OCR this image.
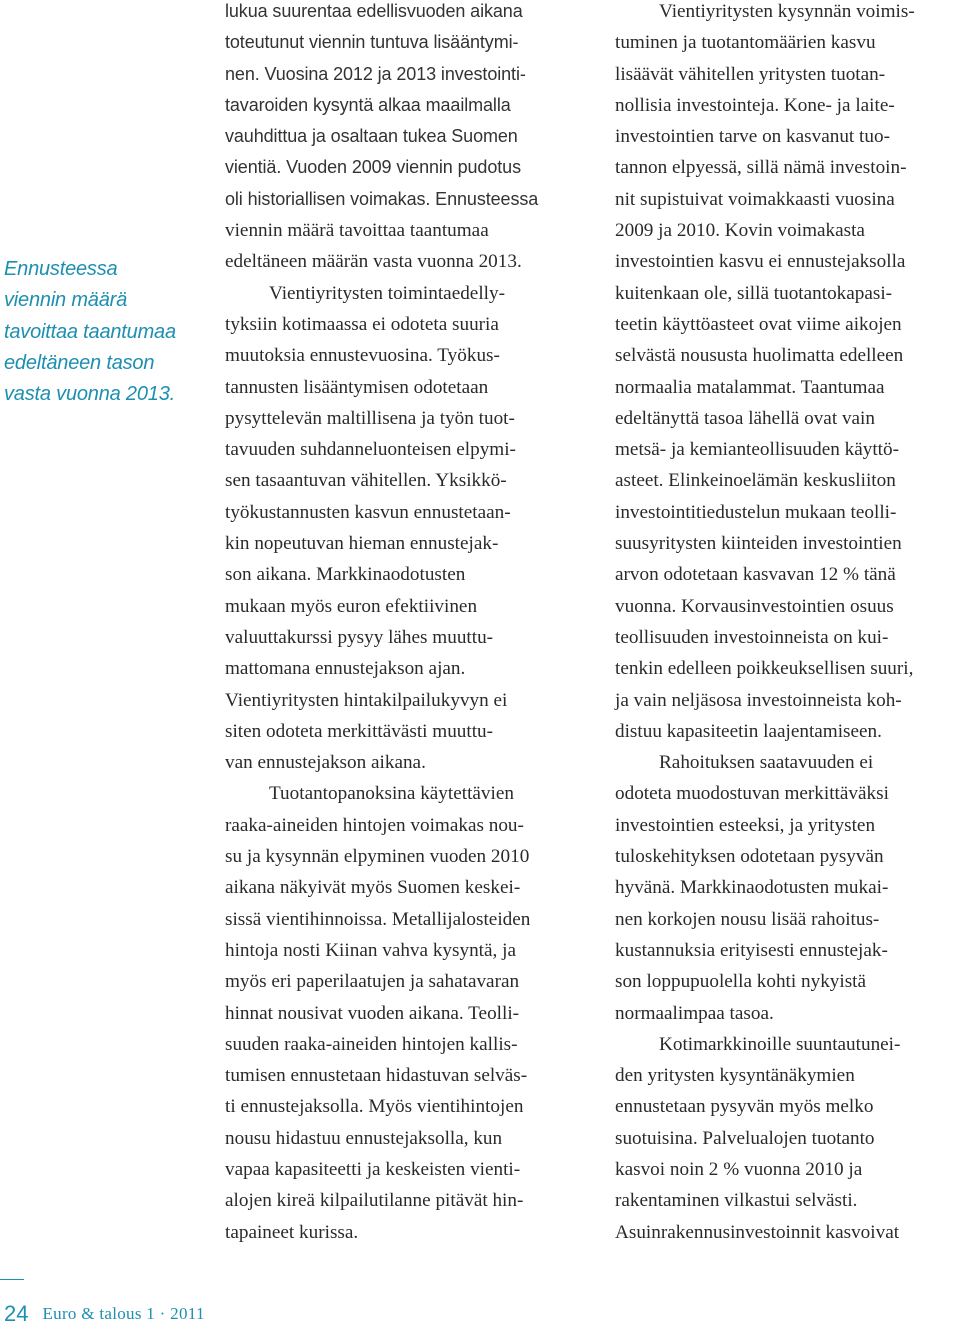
Ennusteessa
viennin määrä
tavoittaa taantumaa
edeltäneen tason
vasta vuonna 2013.
lukua suurentaa edellisvuoden aikana
toteutunut viennin tuntuva lisääntymi-
nen. Vuosina 2012 ja 2013 investointi-
tavaroiden kysyntä alkaa maailmalla
vauhdittua ja osaltaan tukea Suomen
vientiä. Vuoden 2009 viennin pudotus
oli historiallisen voimakas. Ennusteessa
viennin määrä tavoittaa taantumaa
edeltäneen määrän vasta vuonna 2013.
Vientiyritysten toimintaedelly-
tyksiin kotimaassa ei odoteta suuria
muutoksia ennustevuosina. Työkus-
tannusten lisääntymisen odotetaan
pysyttelevän maltillisena ja työn tuot-
tavuuden suhdanneluonteisen elpymi-
sen tasaantuvan vähitellen. Yksikkö-
työkustannusten kasvun ennustetaan-
kin nopeutuvan hieman ennustejak-
son aikana. Markkinaodotusten
mukaan myös euron efektiivinen
valuuttakurssi pysyy lähes muuttu-
mattomana ennustejakson ajan.
Vientiyritysten hintakilpailukyvyn ei
siten odoteta merkittävästi muuttu-
van ennustejakson aikana.
Tuotantopanoksina käytettävien
raaka-aineiden hintojen voimakas nou-
su ja kysynnän elpyminen vuoden 2010
aikana näkyivät myös Suomen keskei-
sissä vientihinnoissa. Metallijalosteiden
hintoja nosti Kiinan vahva kysyntä, ja
myös eri paperilaatujen ja sahatavaran
hinnat nousivat vuoden aikana. Teolli-
suuden raaka-aineiden hintojen kallis-
tumisen ennustetaan hidastuvan selväs-
ti ennustejaksolla. Myös vientihintojen
nousu hidastuu ennustejaksolla, kun
vapaa kapasiteetti ja keskeisten vienti-
alojen kireä kilpailutilanne pitävät hin-
tapaineet kurissa.
Vientiyritysten kysynnän voimis-
tuminen ja tuotantomäärien kasvu
lisäävät vähitellen yritysten tuotan-
nollisia investointeja. Kone- ja laite-
investointien tarve on kasvanut tuo-
tannon elpyessä, sillä nämä investoin-
nit supistuivat voimakkaasti vuosina
2009 ja 2010. Kovin voimakasta
investointien kasvu ei ennustejaksolla
kuitenkaan ole, sillä tuotantokapasi-
teetin käyttöasteet ovat viime aikojen
selvästä noususta huolimatta edelleen
normaalia matalammat. Taantumaa
edeltänyttä tasoa lähellä ovat vain
metsä- ja kemianteollisuuden käyttö-
asteet. Elinkeinoelämän keskusliiton
investointitiedustelun mukaan teolli-
suusyritysten kiinteiden investointien
arvon odotetaan kasvavan 12 % tänä
vuonna. Korvausinvestointien osuus
teollisuuden investoinneista on kui-
tenkin edelleen poikkeuksellisen suuri,
ja vain neljäsosa investoinneista koh-
distuu kapasiteetin laajentamiseen.
Rahoituksen saatavuuden ei
odoteta muodostuvan merkittäväksi
investointien esteeksi, ja yritysten
tuloskehityksen odotetaan pysyvän
hyvänä. Markkinaodotusten mukai-
nen korkojen nousu lisää rahoitus-
kustannuksia erityisesti ennustejak-
son loppupuolella kohti nykyistä
normaalimpaa tasoa.
Kotimarkkinoille suuntautunei-
den yritysten kysyntänäkymien
ennustetaan pysyvän myös melko
suotuisina. Palvelualojen tuotanto
kasvoi noin 2 % vuonna 2010 ja
rakentaminen vilkastui selvästi.
Asuinrakennusinvestoinnit kasvoivat
24 Euro & talous 1 · 2011
